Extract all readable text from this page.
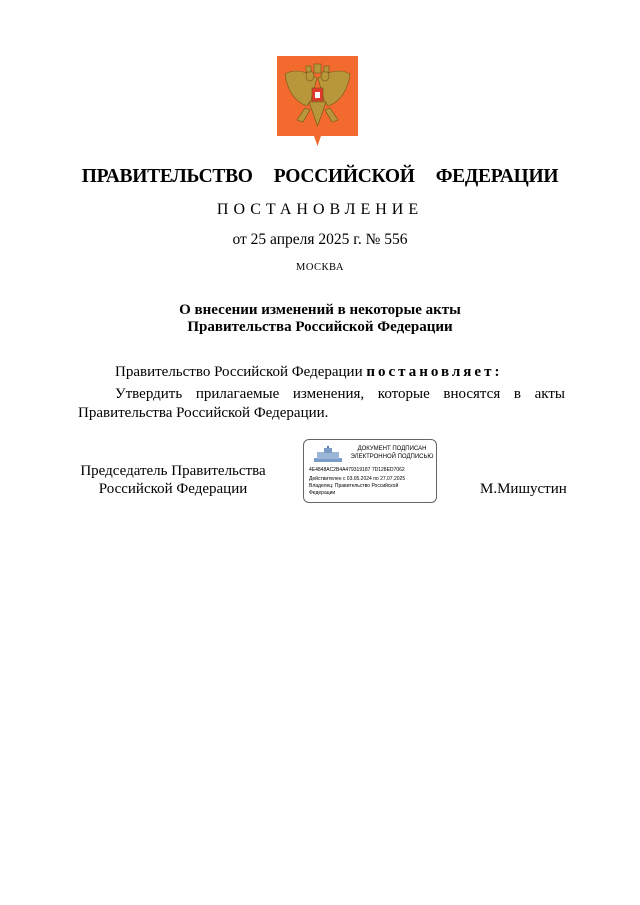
ПРАВИТЕЛЬСТВО  РОССИЙСКОЙ  ФЕДЕРАЦИИ
ПОСТАНОВЛЕНИЕ
от 25 апреля 2025 г. № 556
МОСКВА
О внесении изменений в некоторые акты
Правительства Российской Федерации
Правительство Российской Федерации постановляет:
Утвердить прилагаемые изменения, которые вносятся в акты
Правительства Российской Федерации.
Председатель Правительства
Российской Федерации
ДОКУМЕНТ ПОДПИСАН
ЭЛЕКТРОННОЙ ПОДПИСЬЮ
4E4848AC2B4A479319187 7D128ED7062
Действителен с 03.05.2024 по 27.07.2025
Владелец: Правительство Российской
Федерации	М.Мишустин
